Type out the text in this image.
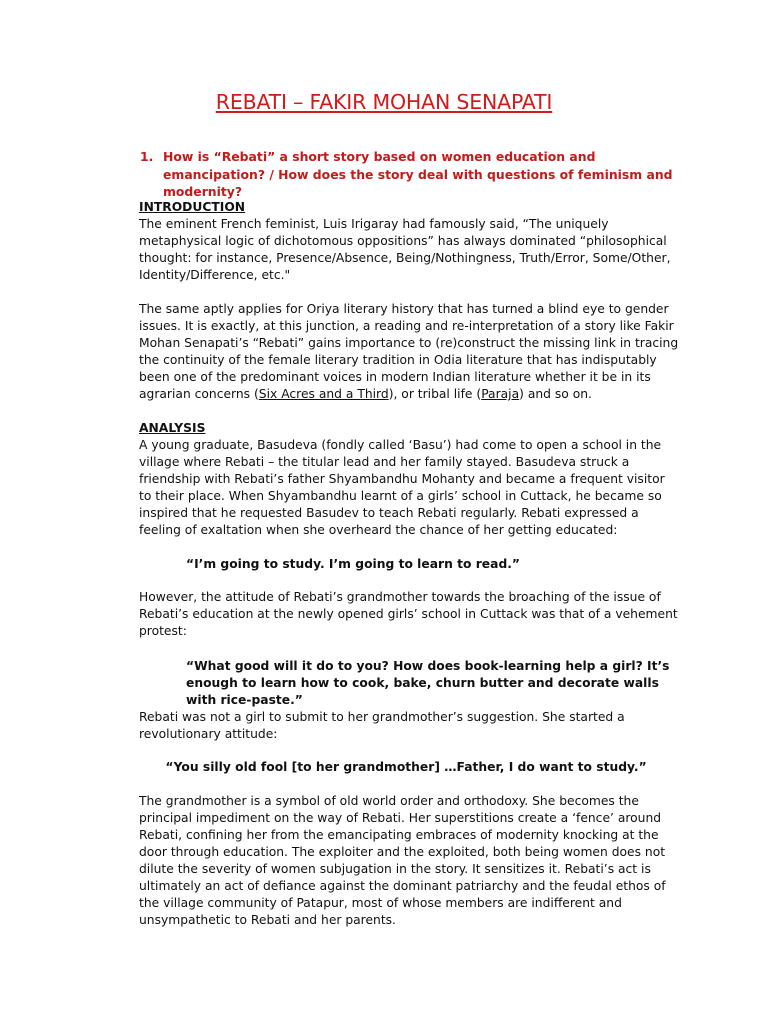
REBATI – FAKIR MOHAN SENAPATI
1. How is “Rebati” a short story based on women education and emancipation? / How does the story deal with questions of feminism and modernity?
INTRODUCTION
The eminent French feminist, Luis Irigaray had famously said, “The uniquely metaphysical logic of dichotomous oppositions” has always dominated “philosophical thought: for instance, Presence/Absence, Being/Nothingness, Truth/Error, Some/Other, Identity/Difference, etc."
The same aptly applies for Oriya literary history that has turned a blind eye to gender issues. It is exactly, at this junction, a reading and re-interpretation of a story like Fakir Mohan Senapati’s “Rebati” gains importance to (re)construct the missing link in tracing the continuity of the female literary tradition in Odia literature that has indisputably been one of the predominant voices in modern Indian literature whether it be in its agrarian concerns (Six Acres and a Third), or tribal life (Paraja) and so on.
ANALYSIS
A young graduate, Basudeva (fondly called ‘Basu’) had come to open a school in the village where Rebati – the titular lead and her family stayed. Basudeva struck a friendship with Rebati’s father Shyambandhu Mohanty and became a frequent visitor to their place. When Shyambandhu learnt of a girls’ school in Cuttack, he became so inspired that he requested Basudev to teach Rebati regularly. Rebati expressed a feeling of exaltation when she overheard the chance of her getting educated:
“I’m going to study. I’m going to learn to read.”
However, the attitude of Rebati’s grandmother towards the broaching of the issue of Rebati’s education at the newly opened girls’ school in Cuttack was that of a vehement protest:
“What good will it do to you? How does book-learning help a girl? It’s enough to learn how to cook, bake, churn butter and decorate walls with rice-paste.”
Rebati was not a girl to submit to her grandmother’s suggestion. She started a revolutionary attitude:
“You silly old fool [to her grandmother] …Father, I do want to study.”
The grandmother is a symbol of old world order and orthodoxy. She becomes the principal impediment on the way of Rebati. Her superstitions create a ‘fence’ around Rebati, confining her from the emancipating embraces of modernity knocking at the door through education. The exploiter and the exploited, both being women does not dilute the severity of women subjugation in the story. It sensitizes it. Rebati’s act is ultimately an act of defiance against the dominant patriarchy and the feudal ethos of the village community of Patapur, most of whose members are indifferent and unsympathetic to Rebati and her parents.
